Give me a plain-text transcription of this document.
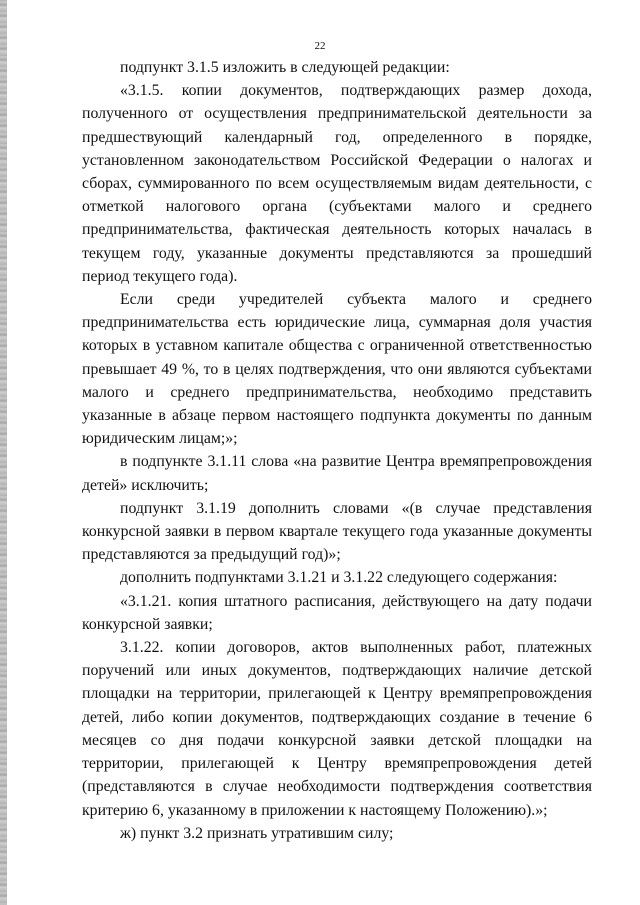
22

подпункт 3.1.5 изложить в следующей редакции:

«3.1.5. копии документов, подтверждающих размер дохода, полученного от осуществления предпринимательской деятельности за предшествующий календарный год, определенного в порядке, установленном законодательством Российской Федерации о налогах и сборах, суммированного по всем осуществляемым видам деятельности, с отметкой налогового органа (субъектами малого и среднего предпринимательства, фактическая деятельность которых началась в текущем году, указанные документы представляются за прошедший период текущего года).

Если среди учредителей субъекта малого и среднего предпринимательства есть юридические лица, суммарная доля участия которых в уставном капитале общества с ограниченной ответственностью превышает 49 %, то в целях подтверждения, что они являются субъектами малого и среднего предпринимательства, необходимо представить указанные в абзаце первом настоящего подпункта документы по данным юридическим лицам;»;

в подпункте 3.1.11 слова «на развитие Центра времяпрепровождения детей» исключить;

подпункт 3.1.19 дополнить словами «(в случае представления конкурсной заявки в первом квартале текущего года указанные документы представляются за предыдущий год)»;

дополнить подпунктами 3.1.21 и 3.1.22 следующего содержания:

«3.1.21. копия штатного расписания, действующего на дату подачи конкурсной заявки;

3.1.22. копии договоров, актов выполненных работ, платежных поручений или иных документов, подтверждающих наличие детской площадки на территории, прилегающей к Центру времяпрепровождения детей, либо копии документов, подтверждающих создание в течение 6 месяцев со дня подачи конкурсной заявки детской площадки на территории, прилегающей к Центру времяпрепровождения детей (представляются в случае необходимости подтверждения соответствия критерию 6, указанному в приложении к настоящему Положению).»;

ж) пункт 3.2 признать утратившим силу;
